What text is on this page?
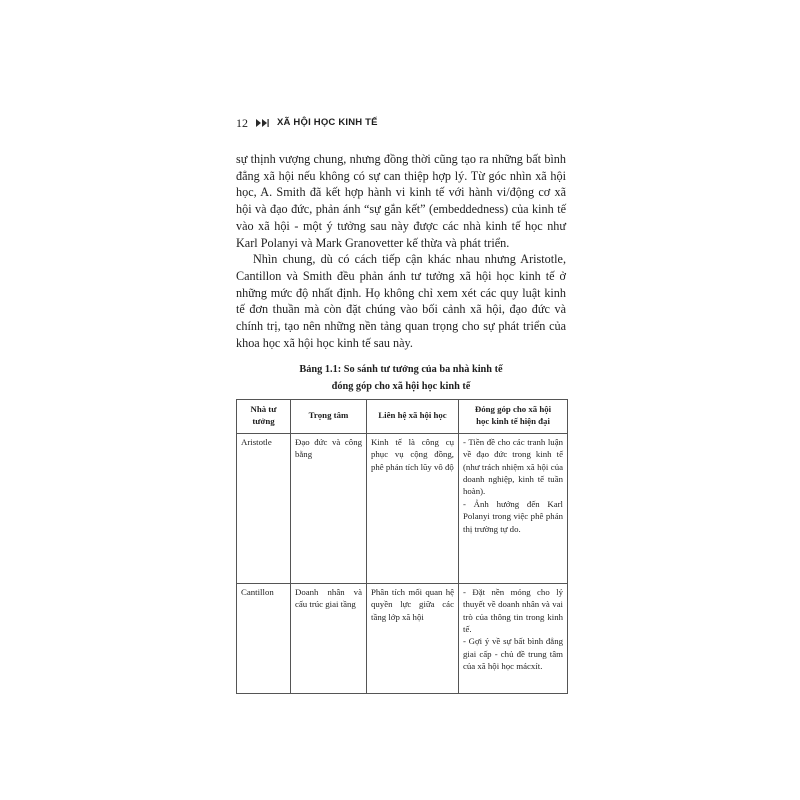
12	XÃ HỘI HỌC KINH TẾ

sự thịnh vượng chung, nhưng đồng thời cũng tạo ra những bất bình đẳng xã hội nếu không có sự can thiệp hợp lý. Từ góc nhìn xã hội học, A. Smith đã kết hợp hành vi kinh tế với hành vi/động cơ xã hội và đạo đức, phản ánh “sự gắn kết” (embeddedness) của kinh tế vào xã hội - một ý tưởng sau này được các nhà kinh tế học như Karl Polanyi và Mark Granovetter kế thừa và phát triển.

Nhìn chung, dù có cách tiếp cận khác nhau nhưng Aristotle, Cantillon và Smith đều phản ánh tư tưởng xã hội học kinh tế ở những mức độ nhất định. Họ không chỉ xem xét các quy luật kinh tế đơn thuần mà còn đặt chúng vào bối cảnh xã hội, đạo đức và chính trị, tạo nên những nền tảng quan trọng cho sự phát triển của khoa học xã hội học kinh tế sau này.

Bảng 1.1: So sánh tư tưởng của ba nhà kinh tế
đóng góp cho xã hội học kinh tế
Nhà tư
tưởng	Trọng tâm	Liên hệ xã hội học	Đóng góp cho xã hội
học kinh tế hiện đại

Aristotle	Đạo đức và công bằng	Kinh tế là công cụ phục vụ cộng đồng, phê phán tích lũy vô độ	- Tiền đề cho các tranh luận về đạo đức trong kinh tế (như trách nhiệm xã hội của doanh nghiệp, kinh tế tuần hoàn).
- Ảnh hưởng đến Karl Polanyi trong việc phê phán thị trường tự do.

Cantillon	Doanh nhân và cấu trúc giai tầng	Phân tích mối quan hệ quyền lực giữa các tầng lớp xã hội	- Đặt nền móng cho lý thuyết về doanh nhân và vai trò của thông tin trong kinh tế.
- Gợi ý về sự bất bình đẳng giai cấp - chủ đề trung tâm của xã hội học mácxít.
